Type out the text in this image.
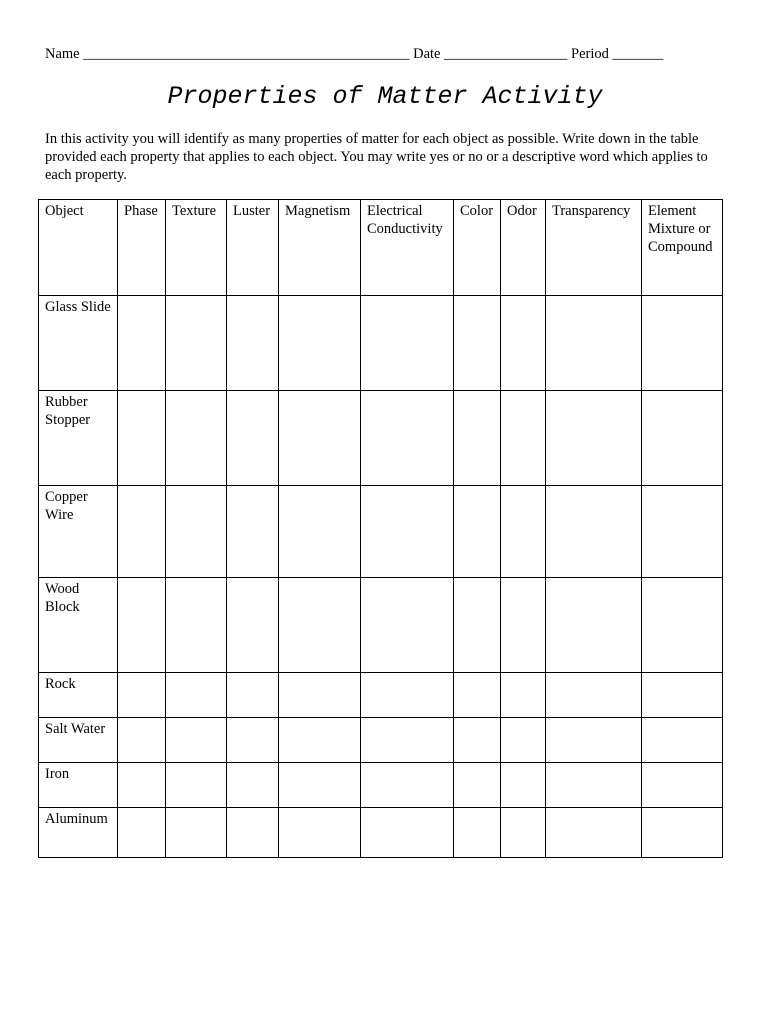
Name _____________________________________________ Date _________________ Period _______
Properties of Matter Activity
In this activity you will identify as many properties of matter for each object as possible. Write down in the table provided each property that applies to each object. You may write yes or no or a descriptive word which applies to each property.
Object	Phase	Texture	Luster	Magnetism	Electrical Conductivity	Color	Odor	Transparency	Element Mixture or Compound
Glass Slide									
Rubber Stopper									
Copper Wire									
Wood Block									
Rock									
Salt Water									
Iron									
Aluminum									
